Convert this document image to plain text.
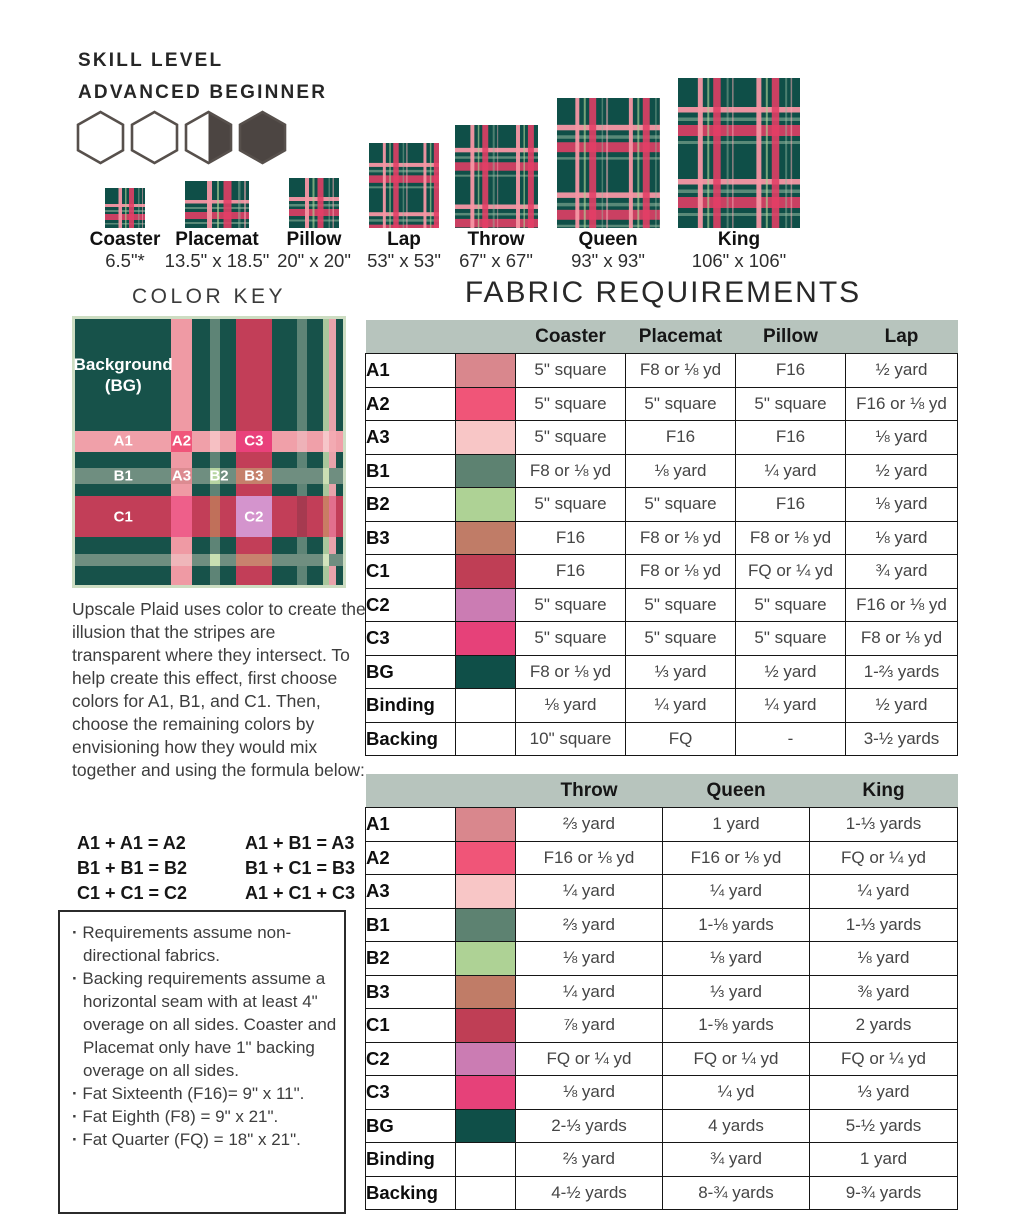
SKILL LEVEL
ADVANCED BEGINNER
Coaster
6.5"*
Placemat
13.5" x 18.5"
Pillow
20" x 20"
Lap
53" x 53"
Throw
67" x 67"
Queen
93" x 93"
King
106" x 106"
COLOR KEY
Background
(BG)
A1	A2	C3
B1	A3 B2 B3
C1	C2
FABRIC REQUIREMENTS
Upscale Plaid uses color to create the illusion that the stripes are transparent where they intersect. To help create this effect, first choose colors for A1, B1, and C1. Then, choose the remaining colors by envisioning how they would mix together and using the formula below:
A1 + A1 = A2	A1 + B1 = A3
B1 + B1 = B2	B1 + C1 = B3
C1 + C1 = C2	A1 + C1 + C3
· Requirements assume non-directional fabrics.
· Backing requirements assume a horizontal seam with at least 4" overage on all sides. Coaster and Placemat only have 1" backing overage on all sides.
· Fat Sixteenth (F16)= 9" x 11".
· Fat Eighth (F8) = 9" x 21".
· Fat Quarter (FQ) = 18" x 21".
		Coaster	Placemat	Pillow	Lap
A1		5" square	F8 or ⅛ yd	F16	½ yard
A2		5" square	5" square	5" square	F16 or ⅛ yd
A3		5" square	F16	F16	⅛ yard
B1		F8 or ⅛ yd	⅛ yard	¼ yard	½ yard
B2		5" square	5" square	F16	⅛ yard
B3		F16	F8 or ⅛ yd	F8 or ⅛ yd	⅛ yard
C1		F16	F8 or ⅛ yd	FQ or ¼ yd	¾ yard
C2		5" square	5" square	5" square	F16 or ⅛ yd
C3		5" square	5" square	5" square	F8 or ⅛ yd
BG		F8 or ⅛ yd	⅓ yard	½ yard	1-⅔ yards
Binding		⅛ yard	¼ yard	¼ yard	½ yard
Backing		10" square	FQ	-	3-½ yards
		Throw	Queen	King
A1		⅔ yard	1 yard	1-⅓ yards
A2		F16 or ⅛ yd	F16 or ⅛ yd	FQ or ¼ yd
A3		¼ yard	¼ yard	¼ yard
B1		⅔ yard	1-⅛ yards	1-⅓ yards
B2		⅛ yard	⅛ yard	⅛ yard
B3		¼ yard	⅓ yard	⅜ yard
C1		⅞ yard	1-⅝ yards	2 yards
C2		FQ or ¼ yd	FQ or ¼ yd	FQ or ¼ yd
C3		⅛ yard	¼ yd	⅓ yard
BG		2-⅓ yards	4 yards	5-½ yards
Binding		⅔ yard	¾ yard	1 yard
Backing		4-½ yards	8-¾ yards	9-¾ yards
